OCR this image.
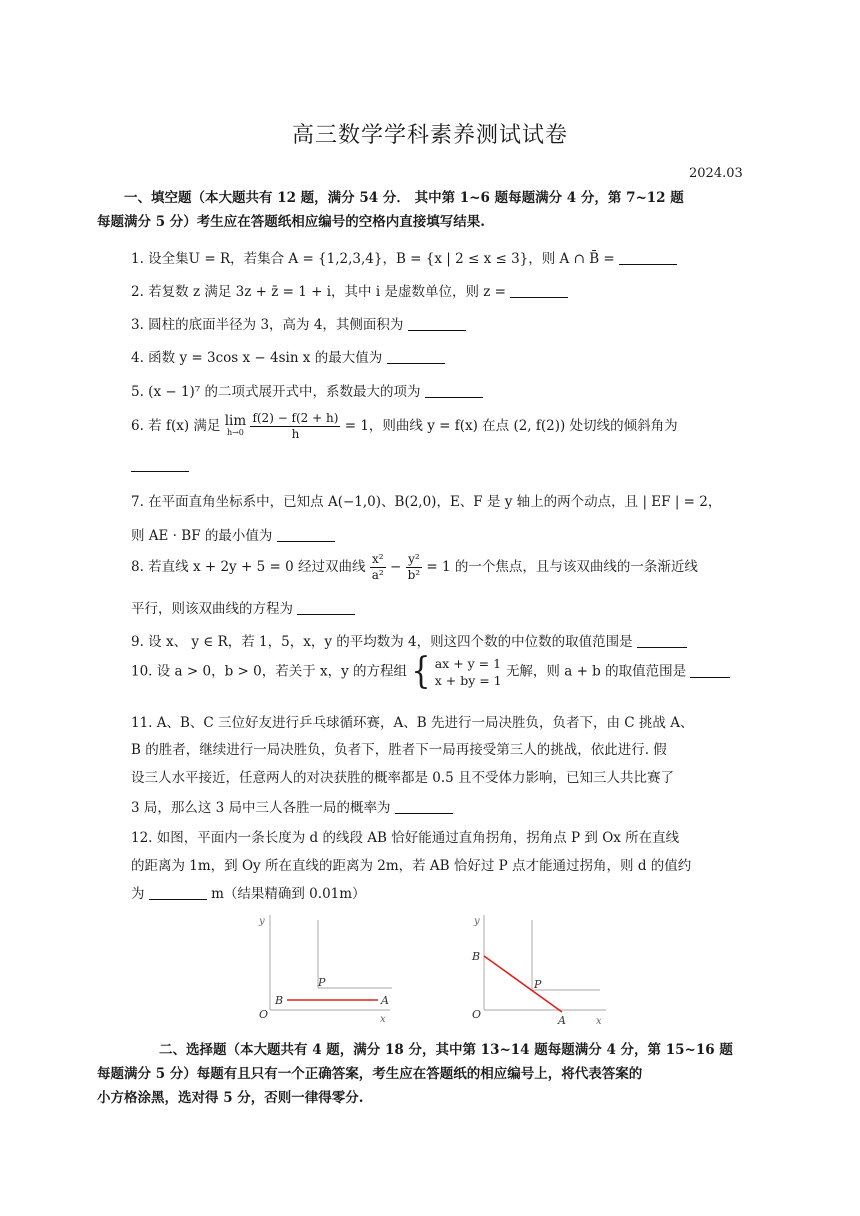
高三数学学科素养测试试卷
2024.03
一、填空题（本大题共有 12 题，满分 54 分． 其中第 1~6 题每题满分 4 分，第 7~12 题
每题满分 5 分）考生应在答题纸相应编号的空格内直接填写结果.
1. 设全集U = R，若集合 A = {1,2,3,4}，B = {x | 2 ≤ x ≤ 3}，则 A ∩ B̄ =
2. 若复数 z 满足 3z + z̄ = 1 + i，其中 i 是虚数单位，则 z =
3. 圆柱的底面半径为 3，高为 4，其侧面积为
4. 函数 y = 3cos x − 4sin x 的最大值为
5. (x − 1)⁷ 的二项式展开式中，系数最大的项为
6. 若 f(x) 满足 lim
h→0
$\frac{f(2) - f(2 + h)}{h} = 1$，则曲线 y = f(x) 在点 (2, f(2)) 处切线的倾斜角为
7. 在平面直角坐标系中，已知点 A(−1,0)、B(2,0)，E、F 是 y 轴上的两个动点，且 | EF | = 2，
则 AE · BF 的最小值为
8. 若直线 x + 2y + 5 = 0 经过双曲线 $\frac{\text{x²}}{\text{a²}} - \frac{\text{y²}}{\text{b²}} = 1$ 的一个焦点，且与该双曲线的一条渐近线
平行，则该双曲线的方程为
9. 设 x、 y ∈ R，若 1，5，x，y 的平均数为 4，则这四个数的中位数的取值范围是
10. 设 a > 0，b > 0，若关于 x，y 的方程组 { ax + y = 1
x + by = 1
无解，则 a + b 的取值范围是
11. A、B、C 三位好友进行乒乓球循环赛，A、B 先进行一局决胜负，负者下，由 C 挑战 A、
B 的胜者，继续进行一局决胜负，负者下，胜者下一局再接受第三人的挑战，依此进行. 假
设三人水平接近，任意两人的对决获胜的概率都是 0.5 且不受体力影响，已知三人共比赛了
3 局，那么这 3 局中三人各胜一局的概率为
12. 如图，平面内一条长度为 d 的线段 AB 恰好能通过直角拐角，拐角点 P 到 Ox 所在直线
的距离为 1m，到 Oy 所在直线的距离为 2m，若 AB 恰好过 P 点才能通过拐角，则 d 的值约
为	m（结果精确到 0.01m）
y
x
O
P
B	A
y
x
O
P
B
A
二、选择题（本大题共有 4 题，满分 18 分，其中第 13~14 题每题满分 4 分，第 15~16 题
每题满分 5 分）每题有且只有一个正确答案，考生应在答题纸的相应编号上，将代表答案的
小方格涂黑，选对得 5 分，否则一律得零分.
